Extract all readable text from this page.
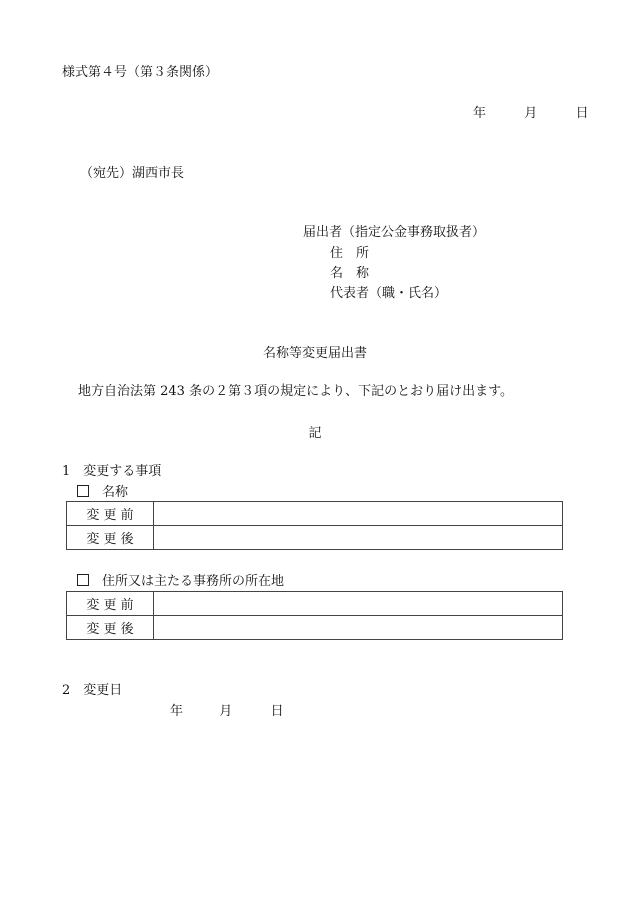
様式第４号（第３条関係）
年	月	日
（宛先）湖西市長
届出者（指定公金事務取扱者）
住　所
名　称
代表者（職・氏名）
名称等変更届出書
地方自治法第 243 条の２第３項の規定により、下記のとおり届け出ます。
記
1　変更する事項
名称
変 更 前	
変 更 後	
住所又は主たる事務所の所在地
変 更 前	
変 更 後	
2　変更日
年	月	日
